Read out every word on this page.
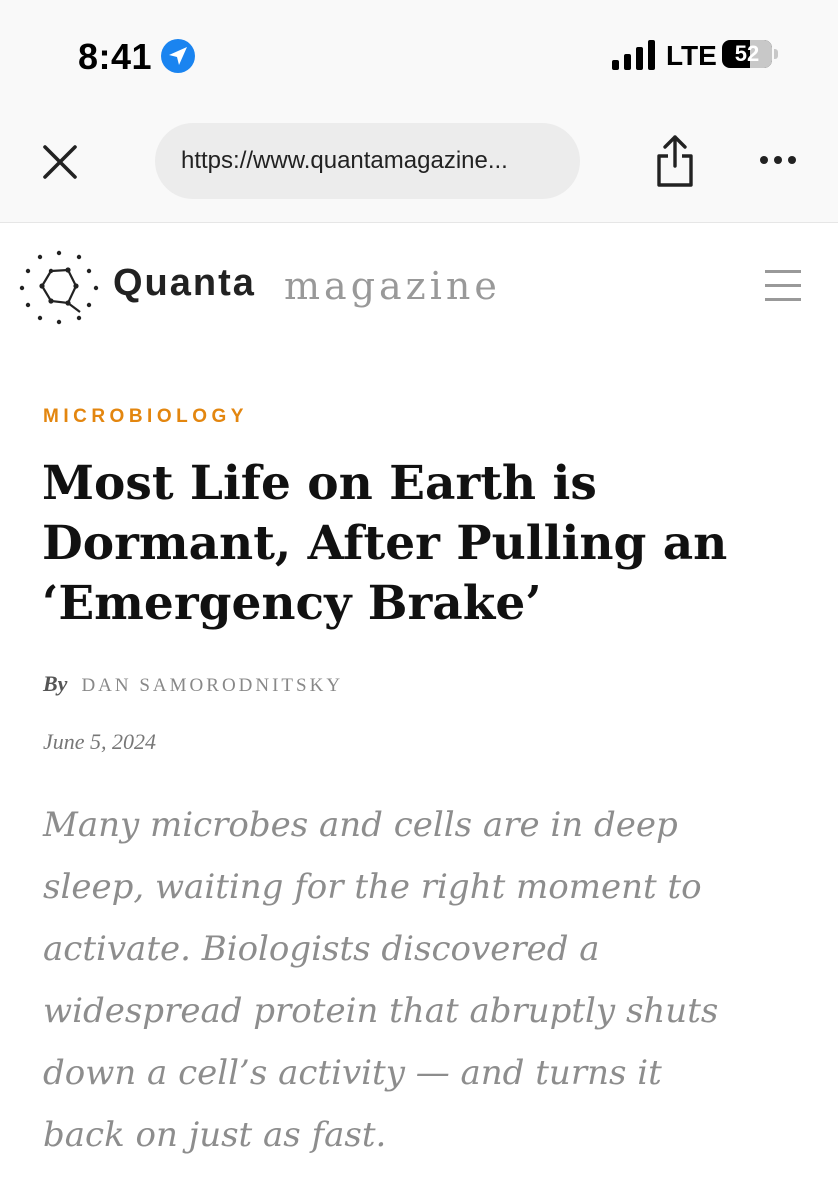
8:41	LTE 52
https://www.quantamagazine...
Quanta magazine
MICROBIOLOGY
Most Life on Earth is
Dormant, After Pulling an
‘Emergency Brake’
By DAN SAMORODNITSKY
June 5, 2024

Many microbes and cells are in deep
sleep, waiting for the right moment to
activate. Biologists discovered a
widespread protein that abruptly shuts
down a cell’s activity — and turns it
back on just as fast.
